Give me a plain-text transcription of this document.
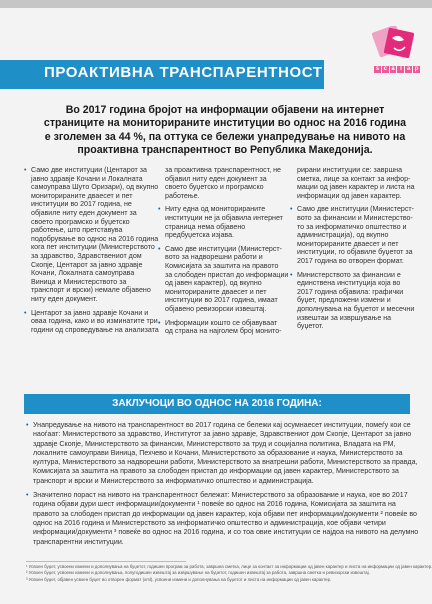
s c a l a p
ПРОАКТИВНА ТРАНСПАРЕНТНОСТ
Во 2017 година бројот на информации објавени на интернет
страниците на мониторираните институции во однос на 2016 година
е зголемен за 44 %, па оттука се бележи унапредување на нивото на
проактивна транспарентност во Република Македонија.
• Само две институции (Центарот за
јавно здравје Кочани и Локалната
самоуправа Шуто Оризари), од вкупно
мониторираните дваесет и пет
институции во 2017 година, не
објавиле ниту еден документ за
своето програмско и буџетско
работење, што претставува
подобрување во однос на 2016 година
кога пет институции (Министерството
за здравство, Здравствениот дом
Скопје, Центарот за јавно здравје
Кочани, Локалната самоуправа
Виница и Министерството за
транспорт и врски) немале објавено
ниту еден документ.
• Центарот за јавно здравје Кочани и
оваа година, како и во изминатите три
години од спроведување на анализата
за проактивна транспарентност, не
објавил ниту еден документ за
своето буџетско и програмско
работење.
• Ниту една од мониторираните
институции не ја објавила интернет
страница нема објавено
предбуџетска изјава.
• Само две институции (Министерст-
вото за надворешни работи и
Комисијата за заштита на правото
за слободен пристап до информации
од јавен карактер), од вкупно
мониторираните дваесет и пет
институции во 2017 година, имаат
објавено ревизорски извештај.
• Информации кошто се објавуваат
од страна на најголем број монито-
рирани институции се: завршна
сметка, лице за контакт за инфор-
мации од јавен карактер и листа на
информации од јавен карактер.
• Само две институции (Министерст-
вото за финансии и Министерство-
то за информатичко општество и
администрација), од вкупно
мониторираните дваесет и пет
институции, го објавиле буџетот за
2017 година во отворен формат.
• Министерството за финансии е
единствена институција која во
2017 година објавила: графички
буџет, предложени измени и
дополнувања на буџетот и месечни
извештаи за извршување на
буџетот.
ЗАКЛУЧОЦИ ВО ОДНОС НА 2016 ГОДИНА:
• Унапредување на нивото на транспарентност во 2017 година се бележи кај осумнаесет институции, помеѓу кои се
наоѓаат: Министерството за здравство, Институтот за јавно здравје, Здравствениот дом Скопје, Центарот за јавно
здравје Скопје, Министерството за финансии, Министерството за труд и социјална политика, Владата на РМ,
локалните самоуправи Виница, Пехчево и Кочани, Министерството за образование и наука, Министерството за
култура, Министерството за надворешни работи, Министерството за внатрешни работи, Министерството за правда,
Комисијата за заштита на правото за слободен пристап до информации од јавен карактер, Министерството за
транспорт и врски и Министерството за информатичко општество и администрација.
• Значително пораст на нивото на транспарентност бележат: Министерството за образование и наука, кое во 2017
година објави дури шест информации/документи ¹ повеќе во однос на 2016 година, Комисијата за заштита на
правото за слободен пристап до информации од јавен карактер, која објави пет информации/документи ² повеќе во
однос на 2016 година и Министерството за информатичко општество и администрација, кое објави четири
информации/документи ³ повеќе во однос на 2016 година, и со тоа овие институции се најдоа на нивото на делумно
транспарентни институции.
¹ Усвоен буџет, усвоени измени и дополнувања на буџетот, годишен програм за работа, завршна сметка, лице за контакт за информации од јавен карактер и листа на информации од јавен карактер.
² Усвоен буџет, усвоени измени и дополнувања, полугодишен извештај за извршување на буџетот, годишен извештај за работа, завршна сметка и ревизорски извештај.
³ Усвоен буџет, објавен усвоен буџет во отворен формат (xml), усвоени измени и дополнувања на буџетот и листа на информации од јавен карактер.
